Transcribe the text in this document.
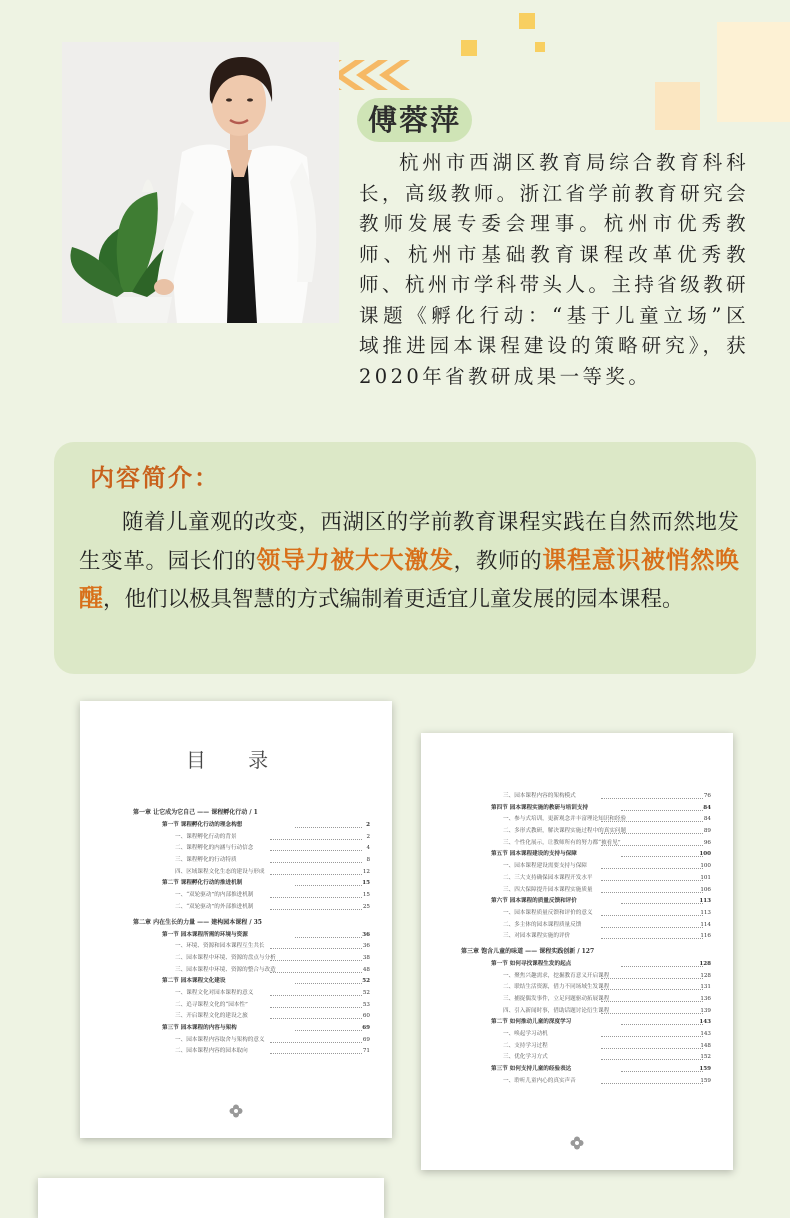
傅蓉萍

杭州市西湖区教育局综合教育科科长，高级教师。浙江省学前教育研究会教师发展专委会理事。杭州市优秀教师、杭州市基础教育课程改革优秀教师、杭州市学科带头人。主持省级教研课题《孵化行动：“基于儿童立场”区域推进园本课程建设的策略研究》，获2020年省教研成果一等奖。

内容简介：

随着儿童观的改变，西湖区的学前教育课程实践在自然而然地发生变革。园长们的领导力被大大激发，教师的课程意识被悄然唤醒，他们以极具智慧的方式编制着更适宜儿童发展的园本课程。

目 录
第一章 让它成为它自己 —— 课程孵化行动 / 1
第一节 课程孵化行动的理念构想	2
一、课程孵化行动的背景	2
二、课程孵化的内涵与行动信念	4
三、课程孵化的行动特质	8
四、区域课程文化生态的建设与形成	12
第二节 课程孵化行动的推进机制	15
一、“双轮驱动”的内部推进机制	15
二、“双轮驱动”的外部推进机制	25
第二章 内在生长的力量 —— 建构园本课程 / 35
第一节 园本课程所需的环境与资源	36
一、环境、资源和园本课程互生共长	36
二、园本课程中环境、资源的盘点与分析	38
三、园本课程中环境、资源的整合与改造	48
第二节 园本课程文化建设	52
一、课程文化对园本课程的意义	52
二、追寻课程文化的“园本性”	53
三、开启课程文化的建设之旅	60
第三节 园本课程的内容与架构	69
一、园本课程内容取舍与架构的意义	69
二、园本课程内容的园本取向	71
三、园本课程内容的架构模式	76
第四节 园本课程实施的教研与培训支持	84
一、参与式培训，更新观念并丰富理论知识和经验	84
二、多形式教研，解决课程实施过程中的真实问题	89
三、个性化展示，让教师所有的努力都“被看见”	96
第五节 园本课程建设的支持与保障	100
一、园本课程建设需要支持与保障	100
二、三大支持确保园本课程开发水平	101
三、四大保障提升园本课程实施质量	106
第六节 园本课程的质量反馈和评价	113
一、园本课程质量反馈和评价的意义	113
二、多主体的园本课程质量反馈	114
三、对园本课程实施的评价	116
第三章 饱含儿童的味道 —— 课程实践创新 / 127
第一节 如何寻找课程生发的起点	128
一、聚焦兴趣需求，挖掘教育意义开启课程	128
二、联结生活资源，借力不同场域生发课程	131
三、捕捉偶发事件，立足问题驱动拓展课程	136
四、引入新闻时事，借助话题讨论衍生课程	139
第二节 如何推动儿童的深度学习	143
一、唤起学习动机	143
二、支持学习过程	148
三、优化学习方式	152
第三节 如何支持儿童的经验表达	159
一、聆听儿童内心的真实声音	159
